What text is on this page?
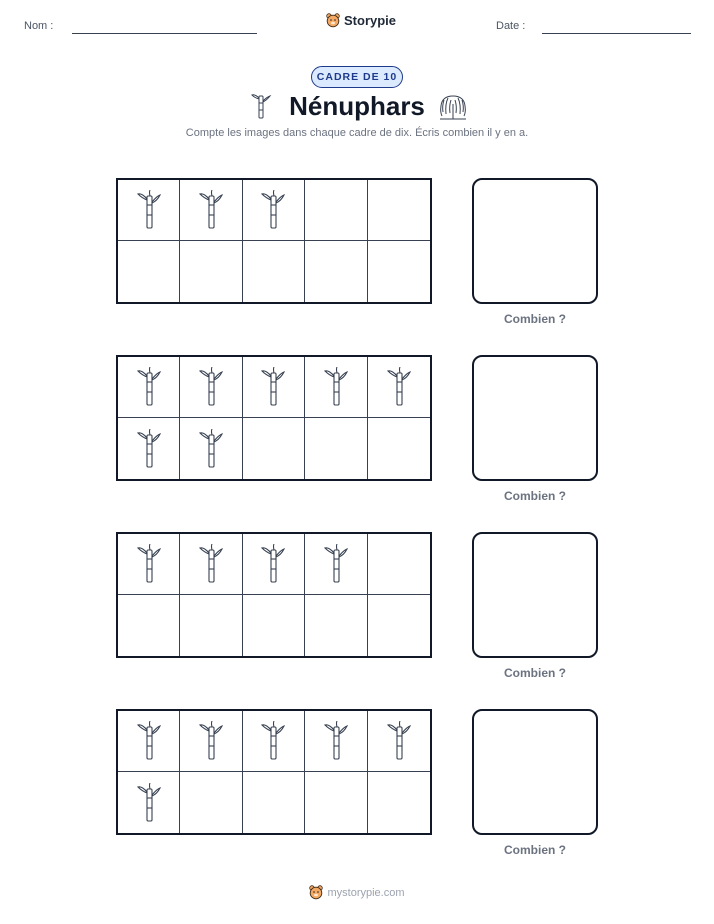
Nom :	Storypie	Date :
CADRE DE 10
Nénuphars
Compte les images dans chaque cadre de dix. Écris combien il y en a.
Combien ?
Combien ?
Combien ?
Combien ?
mystorypie.com
